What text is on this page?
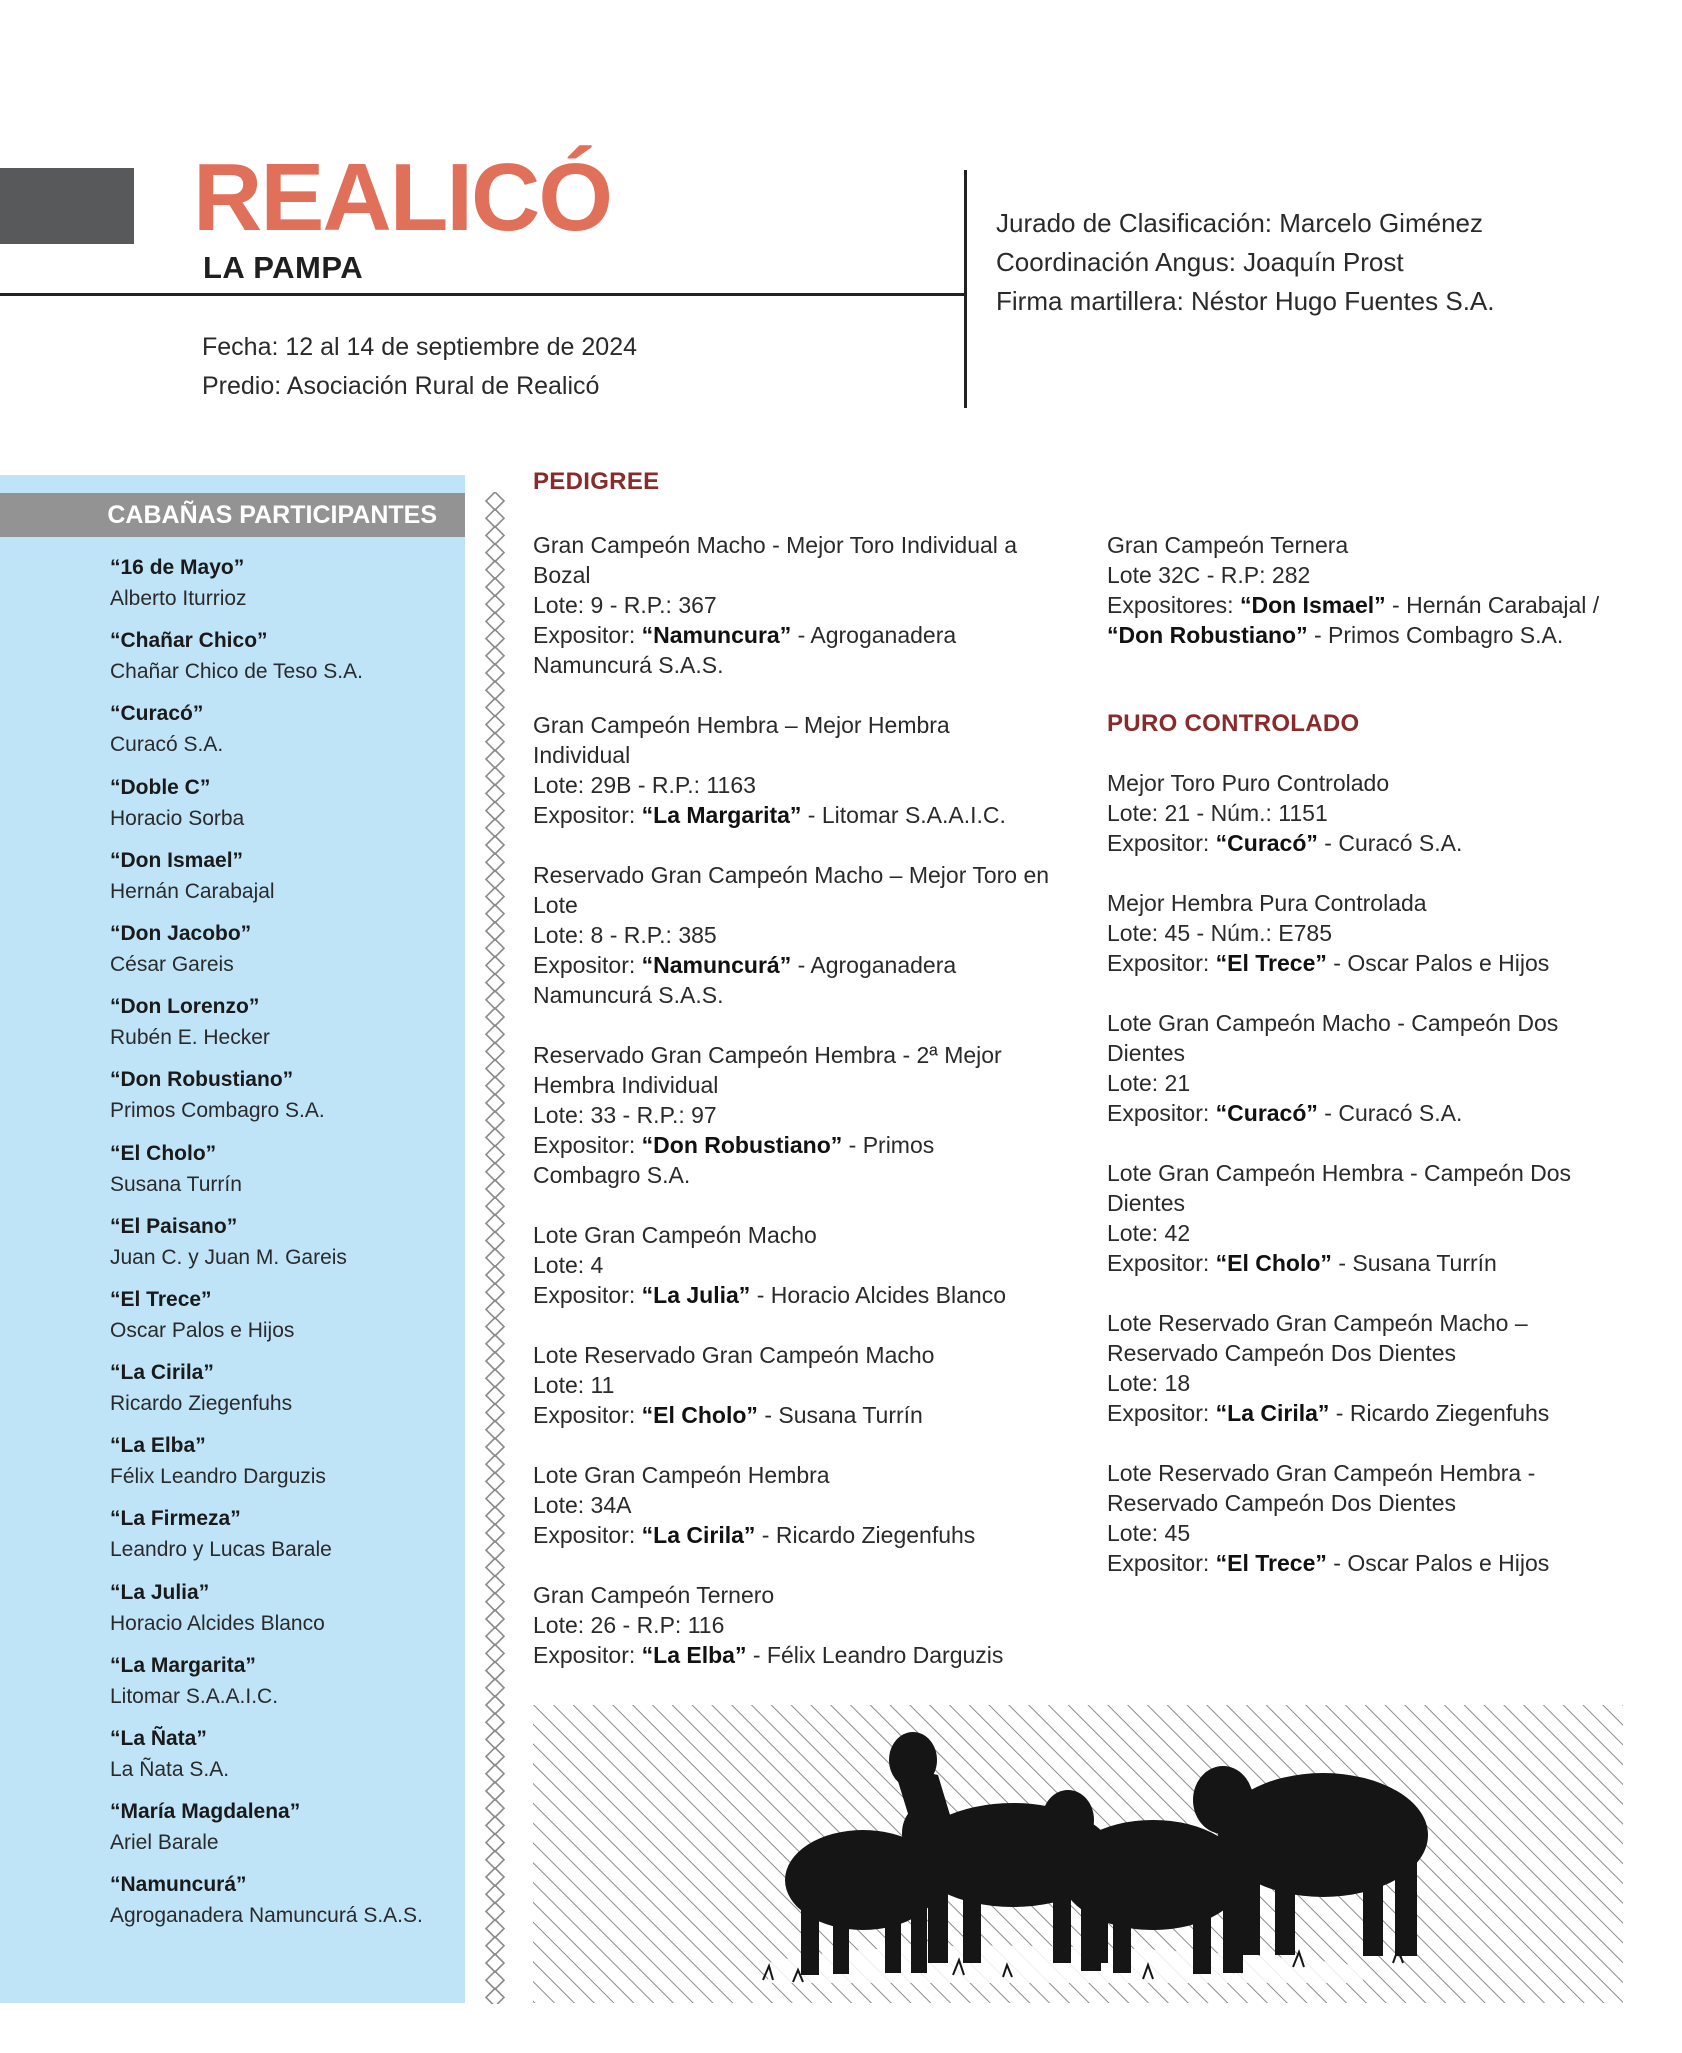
REALICÓ
LA PAMPA
Fecha: 12 al 14 de septiembre de 2024
Predio: Asociación Rural de Realicó
Jurado de Clasificación: Marcelo Giménez
Coordinación Angus: Joaquín Prost
Firma martillera: Néstor Hugo Fuentes S.A.
CABAÑAS PARTICIPANTES
“16 de Mayo”
Alberto Iturrioz
“Chañar Chico”
Chañar Chico de Teso S.A.
“Curacó”
Curacó S.A.
“Doble C”
Horacio Sorba
“Don Ismael”
Hernán Carabajal
“Don Jacobo”
César Gareis
“Don Lorenzo”
Rubén E. Hecker
“Don Robustiano”
Primos Combagro S.A.
“El Cholo”
Susana Turrín
“El Paisano”
Juan C. y Juan M. Gareis
“El Trece”
Oscar Palos e Hijos
“La Cirila”
Ricardo Ziegenfuhs
“La Elba”
Félix Leandro Darguzis
“La Firmeza”
Leandro y Lucas Barale
“La Julia”
Horacio Alcides Blanco
“La Margarita”
Litomar S.A.A.I.C.
“La Ñata”
La Ñata S.A.
“María Magdalena”
Ariel Barale
“Namuncurá”
Agroganadera Namuncurá S.A.S.
PEDIGREE
Gran Campeón Macho - Mejor Toro Individual a
Bozal
Lote: 9 - R.P.: 367
Expositor: “Namuncura” - Agroganadera
Namuncurá S.A.S.
Gran Campeón Hembra – Mejor Hembra
Individual
Lote: 29B - R.P.: 1163
Expositor: “La Margarita” - Litomar S.A.A.I.C.
Reservado Gran Campeón Macho – Mejor Toro en
Lote
Lote: 8 - R.P.: 385
Expositor: “Namuncurá” - Agroganadera
Namuncurá S.A.S.
Reservado Gran Campeón Hembra - 2ª Mejor
Hembra Individual
Lote: 33 - R.P.: 97
Expositor: “Don Robustiano” - Primos
Combagro S.A.
Lote Gran Campeón Macho
Lote: 4
Expositor: “La Julia” - Horacio Alcides Blanco
Lote Reservado Gran Campeón Macho
Lote: 11
Expositor: “El Cholo” - Susana Turrín
Lote Gran Campeón Hembra
Lote: 34A
Expositor: “La Cirila” - Ricardo Ziegenfuhs
Gran Campeón Ternero
Lote: 26 - R.P: 116
Expositor: “La Elba” - Félix Leandro Darguzis
Gran Campeón Ternera
Lote 32C - R.P: 282
Expositores: “Don Ismael” - Hernán Carabajal /
“Don Robustiano” - Primos Combagro S.A.
PURO CONTROLADO
Mejor Toro Puro Controlado
Lote: 21 - Núm.: 1151
Expositor: “Curacó” - Curacó S.A.
Mejor Hembra Pura Controlada
Lote: 45 - Núm.: E785
Expositor: “El Trece” - Oscar Palos e Hijos
Lote Gran Campeón Macho - Campeón Dos
Dientes
Lote: 21
Expositor: “Curacó” - Curacó S.A.
Lote Gran Campeón Hembra - Campeón Dos
Dientes
Lote: 42
Expositor: “El Cholo” - Susana Turrín
Lote Reservado Gran Campeón Macho –
Reservado Campeón Dos Dientes
Lote: 18
Expositor: “La Cirila” - Ricardo Ziegenfuhs
Lote Reservado Gran Campeón Hembra -
Reservado Campeón Dos Dientes
Lote: 45
Expositor: “El Trece” - Oscar Palos e Hijos
